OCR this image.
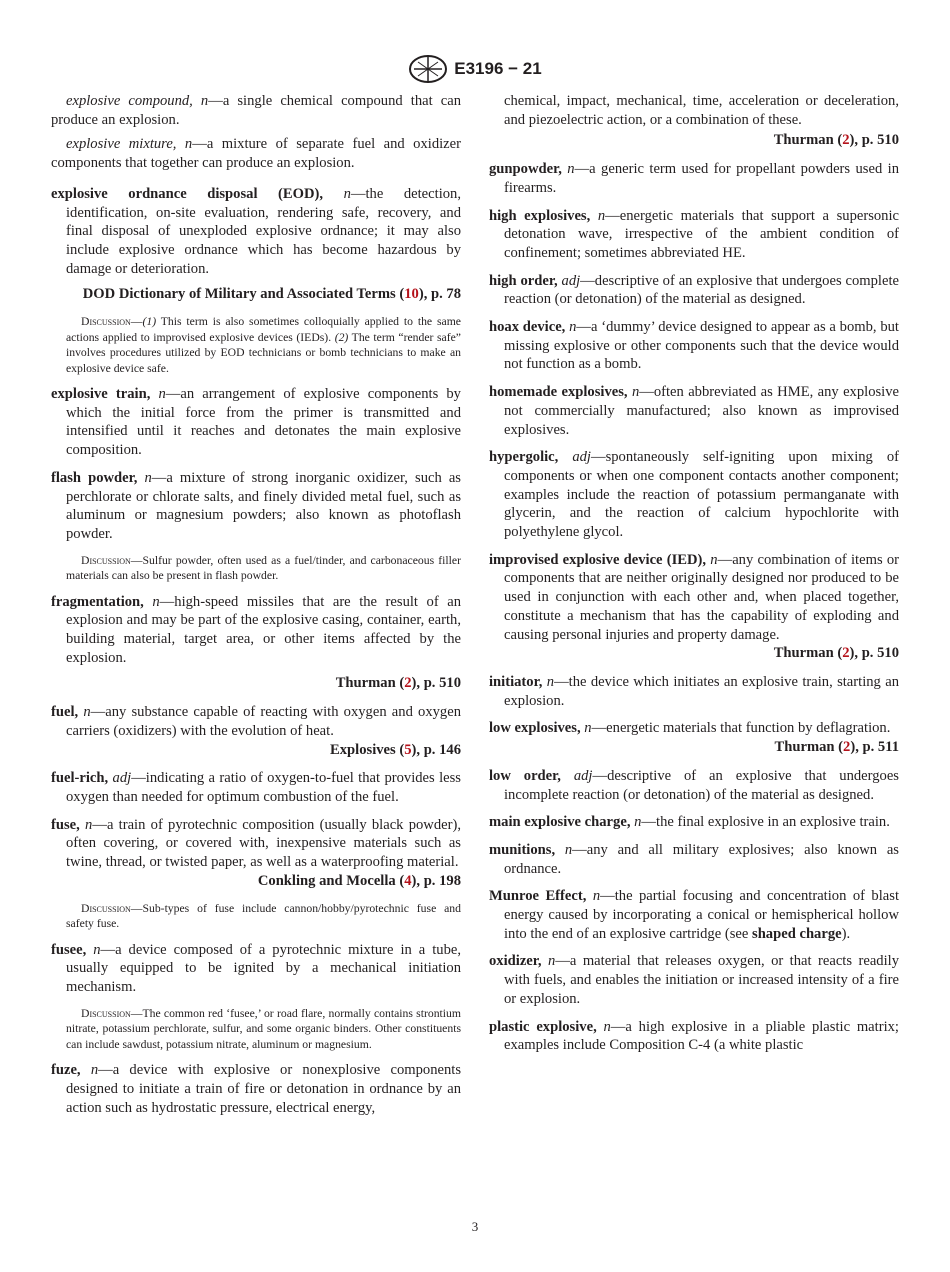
E3196 − 21

explosive compound, n—a single chemical compound that can produce an explosion.

explosive mixture, n—a mixture of separate fuel and oxidizer components that together can produce an explosion.

explosive ordnance disposal (EOD), n—the detection, identification, on-site evaluation, rendering safe, recovery, and final disposal of unexploded explosive ordnance; it may also include explosive ordnance which has become hazardous by damage or deterioration.

DOD Dictionary of Military and Associated Terms (10), p. 78

Discussion—(1) This term is also sometimes colloquially applied to the same actions applied to improvised explosive devices (IEDs). (2) The term “render safe” involves procedures utilized by EOD technicians or bomb technicians to make an explosive device safe.

explosive train, n—an arrangement of explosive components by which the initial force from the primer is transmitted and intensified until it reaches and detonates the main explosive composition.

flash powder, n—a mixture of strong inorganic oxidizer, such as perchlorate or chlorate salts, and finely divided metal fuel, such as aluminum or magnesium powders; also known as photoflash powder.

Discussion—Sulfur powder, often used as a fuel/tinder, and carbonaceous filler materials can also be present in flash powder.

fragmentation, n—high-speed missiles that are the result of an explosion and may be part of the explosive casing, container, earth, building material, target area, or other items affected by the explosion.

Thurman (2), p. 510

fuel, n—any substance capable of reacting with oxygen and oxygen carriers (oxidizers) with the evolution of heat.

Explosives (5), p. 146

fuel-rich, adj—indicating a ratio of oxygen-to-fuel that provides less oxygen than needed for optimum combustion of the fuel.

fuse, n—a train of pyrotechnic composition (usually black powder), often covering, or covered with, inexpensive materials such as twine, thread, or twisted paper, as well as a waterproofing material.

Conkling and Mocella (4), p. 198

Discussion—Sub-types of fuse include cannon/hobby/pyrotechnic fuse and safety fuse.

fusee, n—a device composed of a pyrotechnic mixture in a tube, usually equipped to be ignited by a mechanical initiation mechanism.

Discussion—The common red ‘fusee,’ or road flare, normally contains strontium nitrate, potassium perchlorate, sulfur, and some organic binders. Other constituents can include sawdust, potassium nitrate, aluminum or magnesium.

fuze, n—a device with explosive or nonexplosive components designed to initiate a train of fire or detonation in ordnance by an action such as hydrostatic pressure, electrical energy,

chemical, impact, mechanical, time, acceleration or deceleration, and piezoelectric action, or a combination of these.

Thurman (2), p. 510

gunpowder, n—a generic term used for propellant powders used in firearms.

high explosives, n—energetic materials that support a supersonic detonation wave, irrespective of the ambient condition of confinement; sometimes abbreviated HE.

high order, adj—descriptive of an explosive that undergoes complete reaction (or detonation) of the material as designed.

hoax device, n—a ‘dummy’ device designed to appear as a bomb, but missing explosive or other components such that the device would not function as a bomb.

homemade explosives, n—often abbreviated as HME, any explosive not commercially manufactured; also known as improvised explosives.

hypergolic, adj—spontaneously self-igniting upon mixing of components or when one component contacts another component; examples include the reaction of potassium permanganate with glycerin, and the reaction of calcium hypochlorite with polyethylene glycol.

improvised explosive device (IED), n—any combination of items or components that are neither originally designed nor produced to be used in conjunction with each other and, when placed together, constitute a mechanism that has the capability of exploding and causing personal injuries and property damage.

Thurman (2), p. 510

initiator, n—the device which initiates an explosive train, starting an explosion.

low explosives, n—energetic materials that function by deflagration.

Thurman (2), p. 511

low order, adj—descriptive of an explosive that undergoes incomplete reaction (or detonation) of the material as designed.

main explosive charge, n—the final explosive in an explosive train.

munitions, n—any and all military explosives; also known as ordnance.

Munroe Effect, n—the partial focusing and concentration of blast energy caused by incorporating a conical or hemispherical hollow into the end of an explosive cartridge (see shaped charge).

oxidizer, n—a material that releases oxygen, or that reacts readily with fuels, and enables the initiation or increased intensity of a fire or explosion.

plastic explosive, n—a high explosive in a pliable plastic matrix; examples include Composition C-4 (a white plastic

3
